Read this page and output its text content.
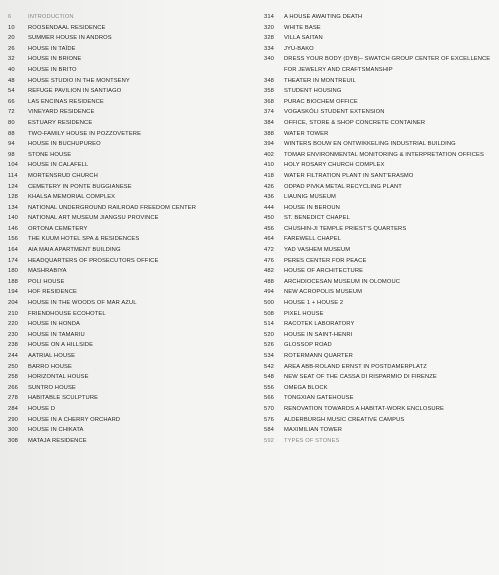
6	INTRODUCTION
10	ROOSENDAAL RESIDENCE
20	SUMMER HOUSE IN ANDROS
26	HOUSE IN TAÏDE
32	HOUSE IN BRIONE
40	HOUSE IN BRITO
48	HOUSE STUDIO IN THE MONTSENY
54	REFUGE PAVILION IN SANTIAGO
66	LAS ENCINAS RESIDENCE
72	VINEYARD RESIDENCE
80	ESTUARY RESIDENCE
88	TWO-FAMILY HOUSE IN POZZOVETERE
94	HOUSE IN BUCHUPUREO
98	STONE HOUSE
104	HOUSE IN CALAFELL
114	MORTENSRUD CHURCH
124	CEMETERY IN PONTE BUGGIANESE
128	KHALSA MEMORIAL COMPLEX
134	NATIONAL UNDERGROUND RAILROAD FREEDOM CENTER
140	NATIONAL ART MUSEUM JIANGSU PROVINCE
146	ORTONA CEMETERY
156	THE KUUM HOTEL SPA & RESIDENCES
164	AIA MAIA APARTMENT BUILDING
174	HEADQUARTERS OF PROSECUTORS OFFICE
180	MASHRABIYA
188	POLI HOUSE
194	HOF RESIDENCE
204	HOUSE IN THE WOODS OF MAR AZUL
210	FRIENDHOUSE ECOHOTEL
220	HOUSE IN HONDA
230	HOUSE IN TAMARIU
238	HOUSE ON A HILLSIDE
244	AATRIAL HOUSE
250	BARRO HOUSE
258	HORIZONTAL HOUSE
266	SUNTRO HOUSE
278	HABITABLE SCULPTURE
284	HOUSE D
290	HOUSE IN A CHERRY ORCHARD
300	HOUSE IN CHIKATA
308	MATAJA RESIDENCE
314	A HOUSE AWAITING DEATH
320	WHITE BASE
328	VILLA SAITAN
334	JYU-BAKO
340	DRESS YOUR BODY (DYB)– SWATCH GROUP CENTER OF EXCELLENCE FOR JEWELRY AND CRAFTSMANSHIP
348	THEATER IN MONTREUIL
358	STUDENT HOUSING
368	PURAC BIOCHEM OFFICE
374	VOGASKÓLI STUDENT EXTENSION
384	OFFICE, STORE & SHOP CONCRETE CONTAINER
388	WATER TOWER
394	WINTERS BOUW EN ONTWIKKELING INDUSTRIAL BUILDING
402	TOMAR ENVIRONMENTAL MONITORING & INTERPRETATION OFFICES
410	HOLY ROSARY CHURCH COMPLEX
418	WATER FILTRATION PLANT IN SANT'ERASMO
426	ODPAD PIVKA METAL RECYCLING PLANT
436	LIAUNIG MUSEUM
444	HOUSE IN BEROUN
450	ST. BENEDICT CHAPEL
456	CHUSHIN-JI TEMPLE PRIEST'S QUARTERS
464	FAREWELL CHAPEL
472	YAD VASHEM MUSEUM
476	PERES CENTER FOR PEACE
482	HOUSE OF ARCHITECTURE
488	ARCHDIOCESAN MUSEUM IN OLOMOUC
494	NEW ACROPOLIS MUSEUM
500	HOUSE 1 + HOUSE 2
508	PIXEL HOUSE
514	RACOTEK LABORATORY
520	HOUSE IN SAINT-HENRI
526	GLOSSOP ROAD
534	ROTERMANN QUARTER
542	AREA ABB-ROLAND ERNST IN POSTDAMERPLATZ
548	NEW SEAT OF THE CASSA DI RISPARMIO DI FIRENZE
556	OMEGA BLOCK
566	TONGXIAN GATEHOUSE
570	RENOVATION TOWARDS A HABITAT-WORK ENCLOSURE
576	ALDERBURGH MUSIC CREATIVE CAMPUS
584	MAXIMILIAN TOWER
592	TYPES OF STONES
